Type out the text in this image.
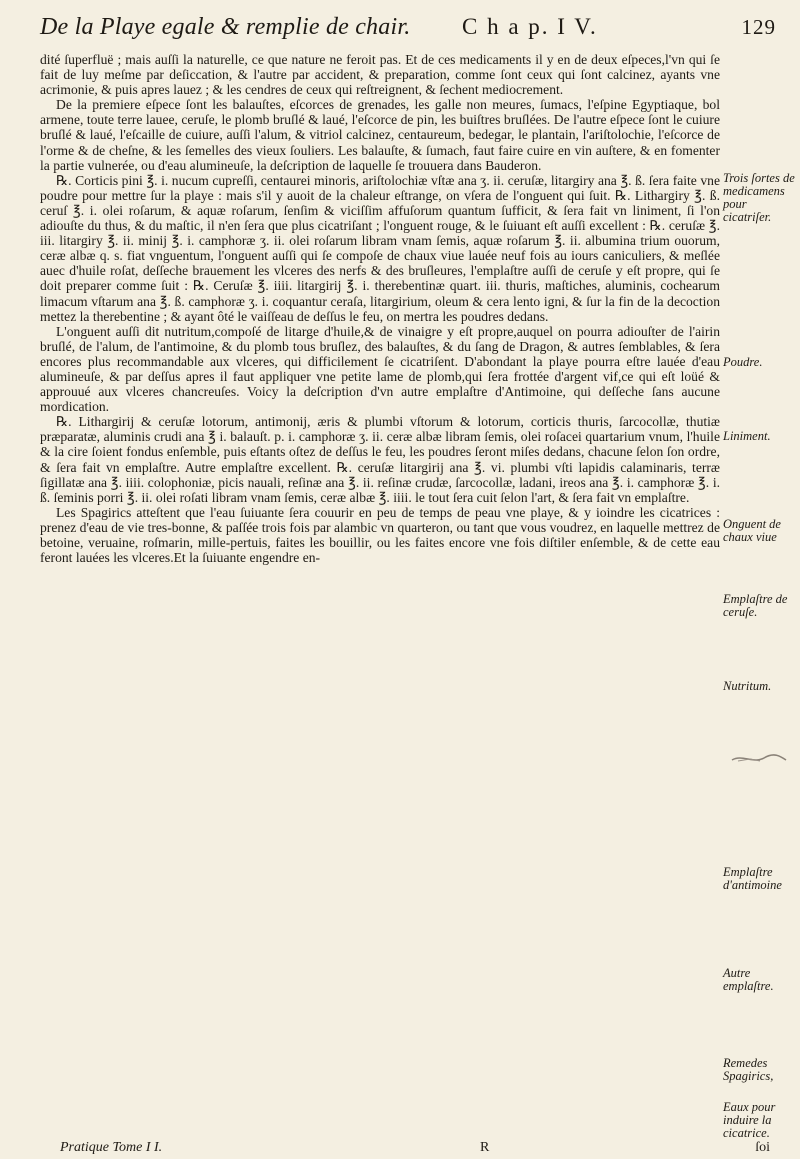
De la Playe egale & remplie de chair. C h a p. I V.	129

dité ſuperfluë ; mais auſſi la naturelle, ce que nature ne feroit pas. Et de ces medicaments il y en de deux eſpeces,l'vn qui ſe fait de luy meſme par deſiccation, & l'autre par accident, & preparation, comme ſont ceux qui ſont calcinez, ayants vne acrimonie, & puis apres lauez ; & les cendres de ceux qui reſtreignent, & ſechent mediocrement.

De la premiere eſpece ſont les balauſtes, eſcorces de grenades, les galle non meures, ſumacs, l'eſpine Egyptiaque, bol armene, toute terre lauee, ceruſe, le plomb bruſlé & laué, l'eſcorce de pin, les buiſtres bruſlées. De l'autre eſpece ſont le cuiure bruſlé & laué, l'eſcaille de cuiure, auſſi l'alum, & vitriol calcinez, centaureum, bedegar, le plantain, l'ariſtolochie, l'eſcorce de l'orme & de cheſne, & les ſemelles des vieux ſouliers. Les balauſte, & ſumach, faut faire cuire en vin auſtere, & en fomenter la partie vulnerée, ou d'eau alumineuſe, la deſcription de laquelle ſe trouuera dans Bauderon.

℞. Corticis pini ℥. i. nucum cupreſſi, centaurei minoris, ariſtolochiæ vſtæ ana ʒ. ii. ceruſæ, litargiry ana ℥. ß. ſera faite vne poudre pour mettre ſur la playe : mais s'il y auoit de la chaleur eſtrange, on vſera de l'onguent qui ſuit. ℞. Lithargiry ℥. ß. ceruſ ℥. i. olei roſarum, & aquæ roſarum, ſenſim & viciſſim affuſorum quantum ſufficit, & ſera fait vn liniment, ſi l'on adiouſte du thus, & du maſtic, il n'en ſera que plus cicatriſant ; l'onguent rouge, & le ſuiuant eſt auſſi excellent : ℞. ceruſæ ℥. iii. litargiry ℥. ii. minij ℥. i. camphoræ ʒ. ii. olei roſarum libram vnam ſemis, aquæ roſarum ℥. ii. albumina trium ouorum, ceræ albæ q. s. fiat vnguentum, l'onguent auſſi qui ſe compoſe de chaux viue lauée neuf fois au iours caniculiers, & meſlée auec d'huile roſat, deſſeche brauement les vlceres des nerfs & des bruſleures, l'emplaſtre auſſi de ceruſe y eſt propre, qui ſe doit preparer comme ſuit : ℞. Ceruſæ ℥. iiii. litargirij ℥. i. therebentinæ quart. iii. thuris, maſtiches, aluminis, cochearum limacum vſtarum ana ℥. ß. camphoræ ʒ. i. coquantur ceraſa, litargirium, oleum & cera lento igni, & ſur la fin de la decoction mettez la therebentine ; & ayant ôté le vaiſſeau de deſſus le feu, on mertra les poudres dedans.

L'onguent auſſi dit nutritum,compoſé de litarge d'huile,& de vinaigre y eſt propre,auquel on pourra adiouſter de l'airin bruſlé, de l'alum, de l'antimoine, & du plomb tous bruſlez, des balauſtes, & du ſang de Dragon, & autres ſemblables, & ſera encores plus recommandable aux vlceres, qui difficilement ſe cicatriſent. D'abondant la playe pourra eſtre lauée d'eau alumineuſe, & par deſſus apres il faut appliquer vne petite lame de plomb,qui ſera frottée d'argent vif,ce qui eſt loüé & approuué aux vlceres chancreuſes. Voicy la deſcription d'vn autre emplaſtre d'Antimoine, qui deſſeche ſans aucune mordication.

℞. Lithargirij & ceruſæ lotorum, antimonij, æris & plumbi vſtorum & lotorum, corticis thuris, ſarcocollæ, thutiæ præparatæ, aluminis crudi ana ℥ i. balauſt. p. i. camphoræ ʒ. ii. ceræ albæ libram ſemis, olei roſacei quartarium vnum, l'huile & la cire ſoient fondus enſemble, puis eſtants oſtez de deſſus le feu, les poudres ſeront miſes dedans, chacune ſelon ſon ordre, & ſera fait vn emplaſtre. Autre emplaſtre excellent. ℞. ceruſæ litargirij ana ℥. vi. plumbi vſti lapidis calaminaris, terræ ſigillatæ ana ℥. iiii. colophoniæ, picis nauali, reſinæ ana ℥. ii. reſinæ crudæ, ſarcocollæ, ladani, ireos ana ℥. i. camphoræ ℥. i. ß. ſeminis porri ℥. ii. olei roſati libram vnam ſemis, ceræ albæ ℥. iiii. le tout ſera cuit ſelon l'art, & ſera fait vn emplaſtre.

Les Spagirics atteſtent que l'eau ſuiuante ſera couurir en peu de temps de peau vne playe, & y ioindre les cicatrices : prenez d'eau de vie tres-bonne, & paſſée trois fois par alambic vn quarteron, ou tant que vous voudrez, en laquelle mettrez de betoine, veruaine, roſmarin, mille-pertuis, faites les bouillir, ou les faites encore vne fois diſtiler enſemble, & de cette eau feront lauées les vlceres.Et la ſuiuante engendre en-

Trois ſortes de medicamens pour cicatriſer.
Poudre.
Liniment.
Onguent de chaux viue
Emplaſtre de ceruſe.
Nutritum.
Emplaſtre d'antimoine
Autre emplaſtre.
Remedes Spagirics,
Eaux pour induire la cicatrice.
Pratique Tome I I.	R	ſoi
